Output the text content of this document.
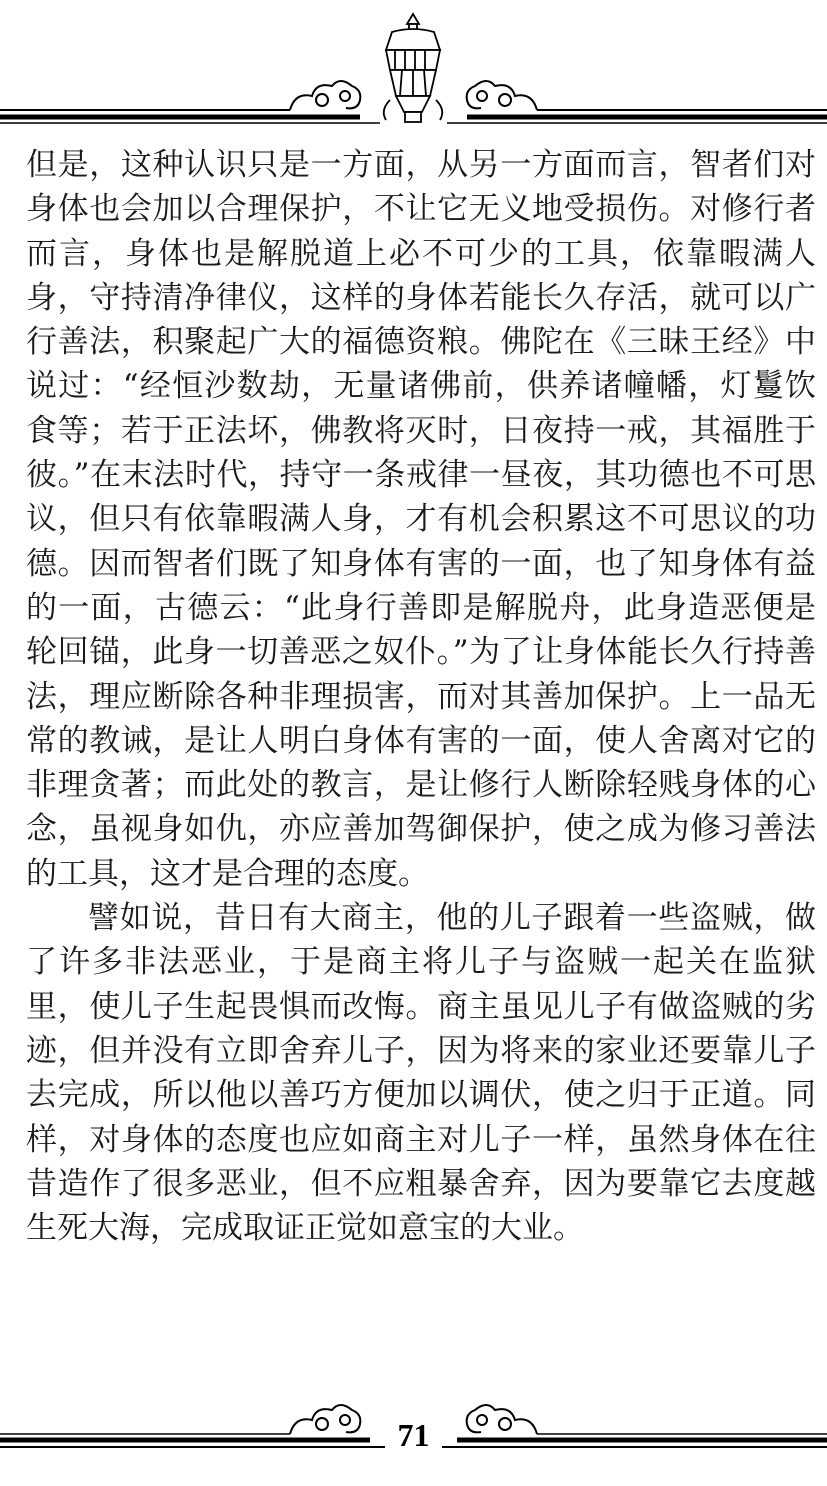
但是，这种认识只是一方面，从另一方面而言，智者们对身体也会加以合理保护，不让它无义地受损伤。对修行者而言，身体也是解脱道上必不可少的工具，依靠暇满人身，守持清净律仪，这样的身体若能长久存活，就可以广行善法，积聚起广大的福德资粮。佛陀在《三昧王经》中说过：“经恒沙数劫，无量诸佛前，供养诸幢幡，灯鬘饮食等；若于正法坏，佛教将灭时，日夜持一戒，其福胜于彼。”在末法时代，持守一条戒律一昼夜，其功德也不可思议，但只有依靠暇满人身，才有机会积累这不可思议的功德。因而智者们既了知身体有害的一面，也了知身体有益的一面，古德云：“此身行善即是解脱舟，此身造恶便是轮回锚，此身一切善恶之奴仆。”为了让身体能长久行持善法，理应断除各种非理损害，而对其善加保护。上一品无常的教诫，是让人明白身体有害的一面，使人舍离对它的非理贪著；而此处的教言，是让修行人断除轻贱身体的心念，虽视身如仇，亦应善加驾御保护，使之成为修习善法的工具，这才是合理的态度。

譬如说，昔日有大商主，他的儿子跟着一些盗贼，做了许多非法恶业，于是商主将儿子与盗贼一起关在监狱里，使儿子生起畏惧而改悔。商主虽见儿子有做盗贼的劣迹，但并没有立即舍弃儿子，因为将来的家业还要靠儿子去完成，所以他以善巧方便加以调伏，使之归于正道。同样，对身体的态度也应如商主对儿子一样，虽然身体在往昔造作了很多恶业，但不应粗暴舍弃，因为要靠它去度越生死大海，完成取证正觉如意宝的大业。

71
